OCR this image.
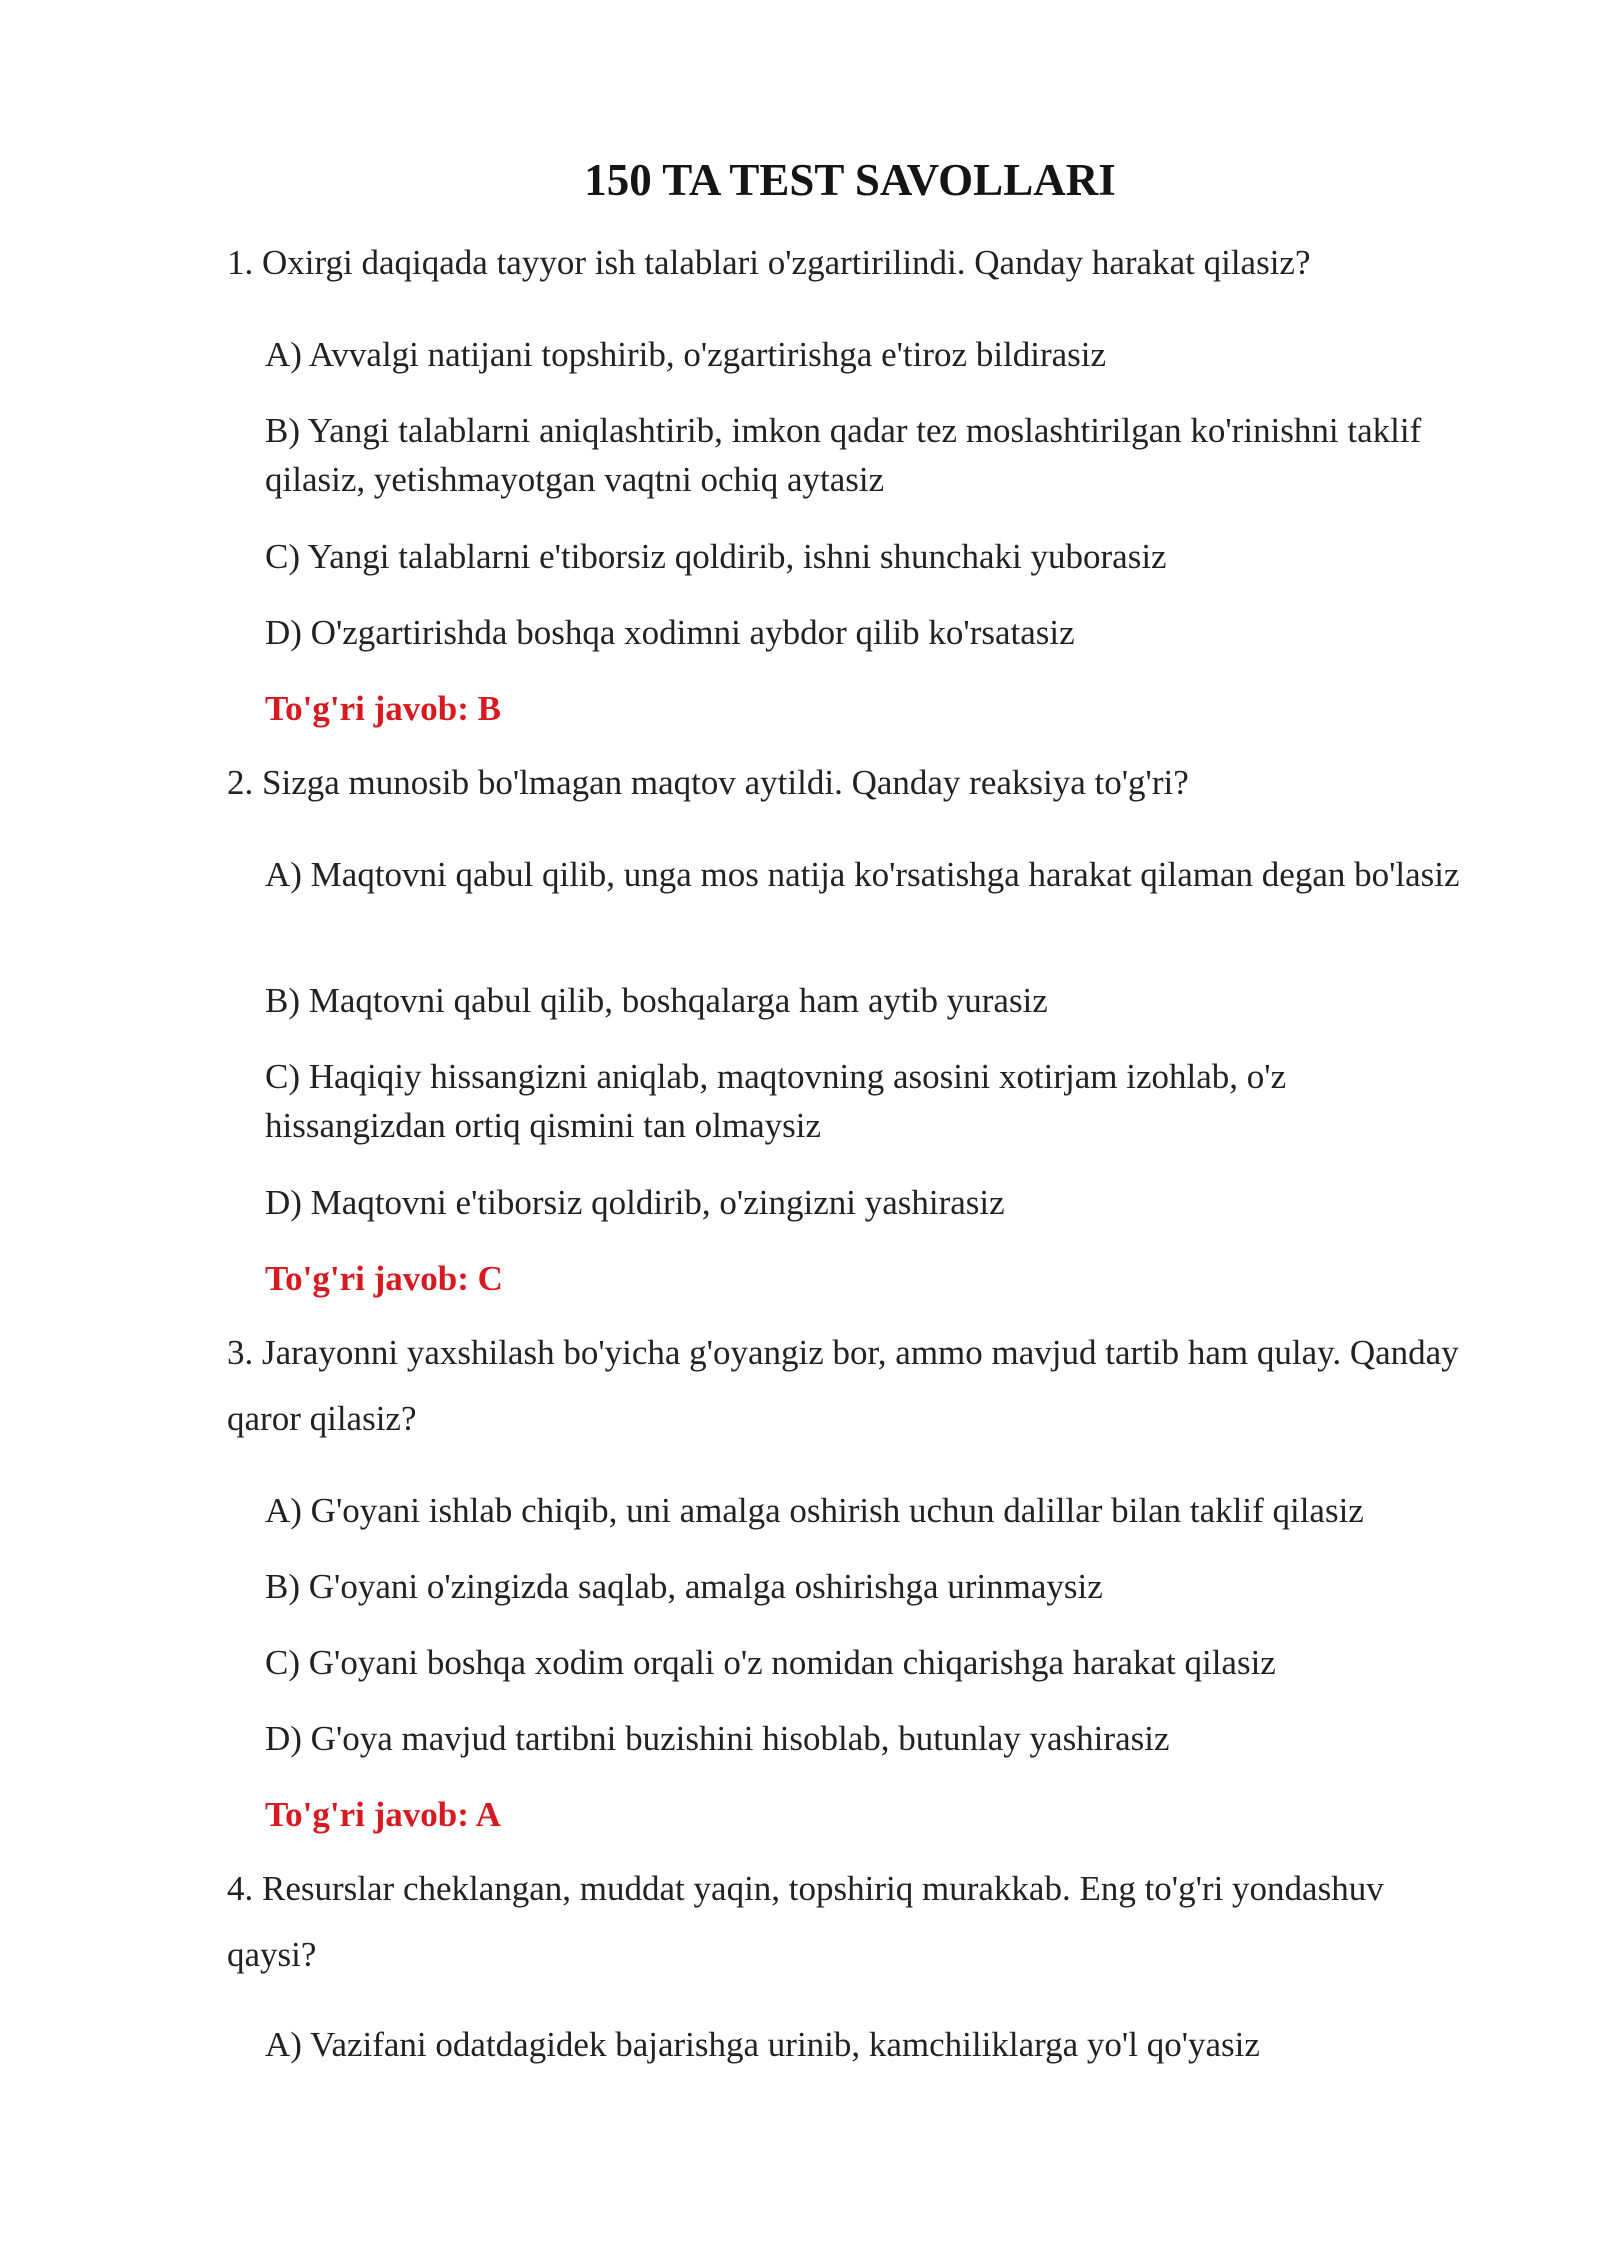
150 TA TEST SAVOLLARI
1. Oxirgi daqiqada tayyor ish talablari o'zgartirilindi. Qanday harakat qilasiz?
A) Avvalgi natijani topshirib, o'zgartirishga e'tiroz bildirasiz
B) Yangi talablarni aniqlashtirib, imkon qadar tez moslashtirilgan ko'rinishni taklif qilasiz, yetishmayotgan vaqtni ochiq aytasiz
C) Yangi talablarni e'tiborsiz qoldirib, ishni shunchaki yuborasiz
D) O'zgartirishda boshqa xodimni aybdor qilib ko'rsatasiz
To'g'ri javob: B
2. Sizga munosib bo'lmagan maqtov aytildi. Qanday reaksiya to'g'ri?
A) Maqtovni qabul qilib, unga mos natija ko'rsatishga harakat qilaman degan bo'lasiz
B) Maqtovni qabul qilib, boshqalarga ham aytib yurasiz
C) Haqiqiy hissangizni aniqlab, maqtovning asosini xotirjam izohlab, o'z hissangizdan ortiq qismini tan olmaysiz
D) Maqtovni e'tiborsiz qoldirib, o'zingizni yashirasiz
To'g'ri javob: C
3. Jarayonni yaxshilash bo'yicha g'oyangiz bor, ammo mavjud tartib ham qulay. Qanday qaror qilasiz?
A) G'oyani ishlab chiqib, uni amalga oshirish uchun dalillar bilan taklif qilasiz
B) G'oyani o'zingizda saqlab, amalga oshirishga urinmaysiz
C) G'oyani boshqa xodim orqali o'z nomidan chiqarishga harakat qilasiz
D) G'oya mavjud tartibni buzishini hisoblab, butunlay yashirasiz
To'g'ri javob: A
4. Resurslar cheklangan, muddat yaqin, topshiriq murakkab. Eng to'g'ri yondashuv qaysi?
A) Vazifani odatdagidek bajarishga urinib, kamchiliklarga yo'l qo'yasiz
